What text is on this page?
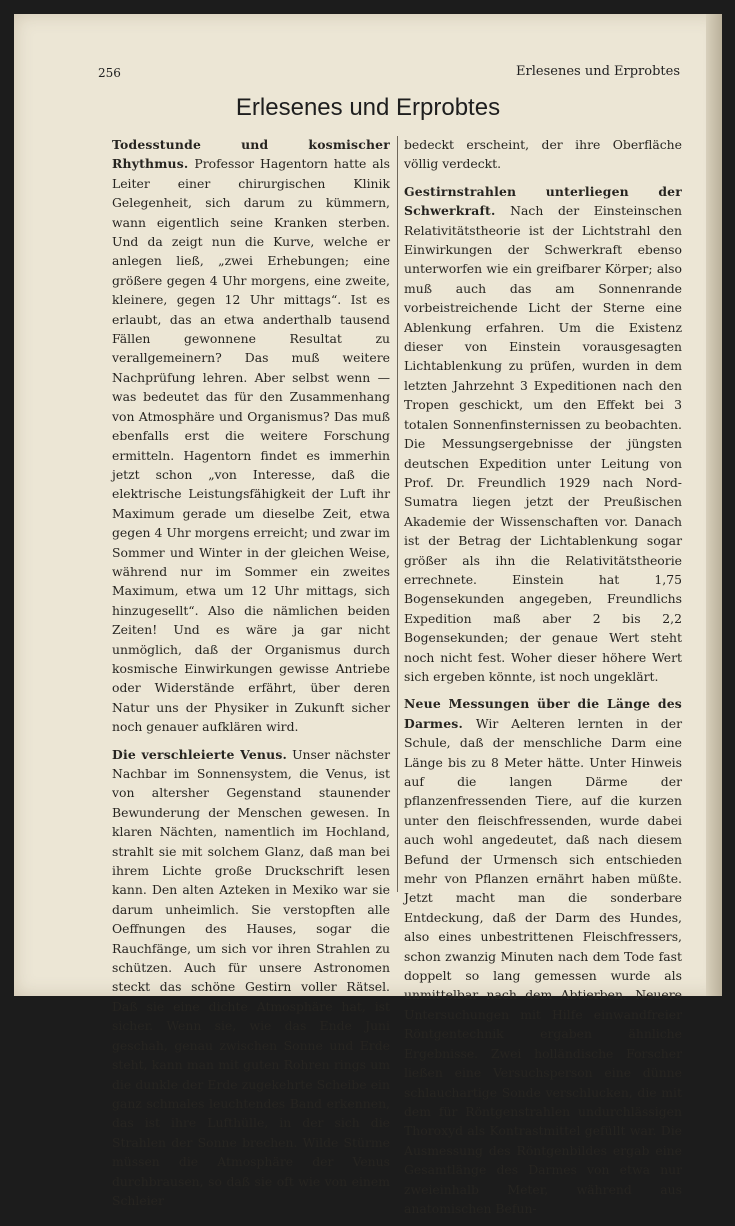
256	Erlesenes und Erprobtes
Erlesenes und Erprobtes

Todesstunde und kosmischer Rhythmus. Professor Hagentorn hatte als Leiter einer chirurgischen Klinik Gelegenheit, sich darum zu kümmern, wann eigentlich seine Kranken sterben. Und da zeigt nun die Kurve, welche er anlegen ließ, „zwei Erhebungen; eine größere gegen 4 Uhr morgens, eine zweite, kleinere, gegen 12 Uhr mittags“. Ist es erlaubt, das an etwa anderthalb tausend Fällen gewonnene Resultat zu verallgemeinern? Das muß weitere Nachprüfung lehren. Aber selbst wenn — was bedeutet das für den Zusammenhang von Atmosphäre und Organismus? Das muß ebenfalls erst die weitere Forschung ermitteln. Hagentorn findet es immerhin jetzt schon „von Interesse, daß die elektrische Leistungsfähigkeit der Luft ihr Maximum gerade um dieselbe Zeit, etwa gegen 4 Uhr morgens erreicht; und zwar im Sommer und Winter in der gleichen Weise, während nur im Sommer ein zweites Maximum, etwa um 12 Uhr mittags, sich hinzugesellt“. Also die nämlichen beiden Zeiten! Und es wäre ja gar nicht unmöglich, daß der Organismus durch kosmische Einwirkungen gewisse Antriebe oder Widerstände erfährt, über deren Natur uns der Physiker in Zukunft sicher noch genauer aufklären wird.

Die verschleierte Venus. Unser nächster Nachbar im Sonnensystem, die Venus, ist von altersher Gegenstand staunender Bewunderung der Menschen gewesen. In klaren Nächten, namentlich im Hochland, strahlt sie mit solchem Glanz, daß man bei ihrem Lichte große Druckschrift lesen kann. Den alten Azteken in Mexiko war sie darum unheimlich. Sie verstopften alle Oeffnungen des Hauses, sogar die Rauchfänge, um sich vor ihren Strahlen zu schützen. Auch für unsere Astronomen steckt das schöne Gestirn voller Rätsel. Daß sie eine dichte Atmosphäre hat, ist sicher. Wenn sie, wie das Ende Juni geschah, genau zwischen Sonne und Erde steht, kann man mit guten Rohren rings um die dunkle der Erde zugekehrte Scheibe ein ganz schmales leuchtendes Band erkennen, das ist ihre Lufthülle, in der sich die Strahlen der Sonne brechen. Wilde Stürme müssen die Atmosphäre der Venus durchbrausen, so daß sie oft wie von einem Schleier

bedeckt erscheint, der ihre Oberfläche völlig verdeckt.

Gestirnstrahlen unterliegen der Schwerkraft. Nach der Einsteinschen Relativitätstheorie ist der Lichtstrahl den Einwirkungen der Schwerkraft ebenso unterworfen wie ein greifbarer Körper; also muß auch das am Sonnenrande vorbeistreichende Licht der Sterne eine Ablenkung erfahren. Um die Existenz dieser von Einstein vorausgesagten Lichtablenkung zu prüfen, wurden in dem letzten Jahrzehnt 3 Expeditionen nach den Tropen geschickt, um den Effekt bei 3 totalen Sonnenfinsternissen zu beobachten. Die Messungsergebnisse der jüngsten deutschen Expedition unter Leitung von Prof. Dr. Freundlich 1929 nach Nord-Sumatra liegen jetzt der Preußischen Akademie der Wissenschaften vor. Danach ist der Betrag der Lichtablenkung sogar größer als ihn die Relativitätstheorie errechnete. Einstein hat 1,75 Bogensekunden angegeben, Freundlichs Expedition maß aber 2 bis 2,2 Bogensekunden; der genaue Wert steht noch nicht fest. Woher dieser höhere Wert sich ergeben könnte, ist noch ungeklärt.

Neue Messungen über die Länge des Darmes. Wir Aelteren lernten in der Schule, daß der menschliche Darm eine Länge bis zu 8 Meter hätte. Unter Hinweis auf die langen Därme der pflanzenfressenden Tiere, auf die kurzen unter den fleischfressenden, wurde dabei auch wohl angedeutet, daß nach diesem Befund der Urmensch sich entschieden mehr von Pflanzen ernährt haben müßte. Jetzt macht man die sonderbare Entdeckung, daß der Darm des Hundes, also eines unbestrittenen Fleischfressers, schon zwanzig Minuten nach dem Tode fast doppelt so lang gemessen wurde als unmittelbar nach dem Abtierben. Neuere Untersuchungen mit Hilfe einwandfreier Röntgentechnik ergaben ähnliche Ergebnisse. Zwei holländische Forscher ließen eine Versuchsperson eine dünne schlauchartige Sonde verschlucken, die mit dem für Röntgenstrahlen undurchlässigen Thoroxyd als Kontrastmittel gefüllt war. Die Ausmessung des Röntgenbildes ergab eine Gesamtlänge des Darmes von etwa nur zweieinhalb Meter, während aus anatomischen Befun-
